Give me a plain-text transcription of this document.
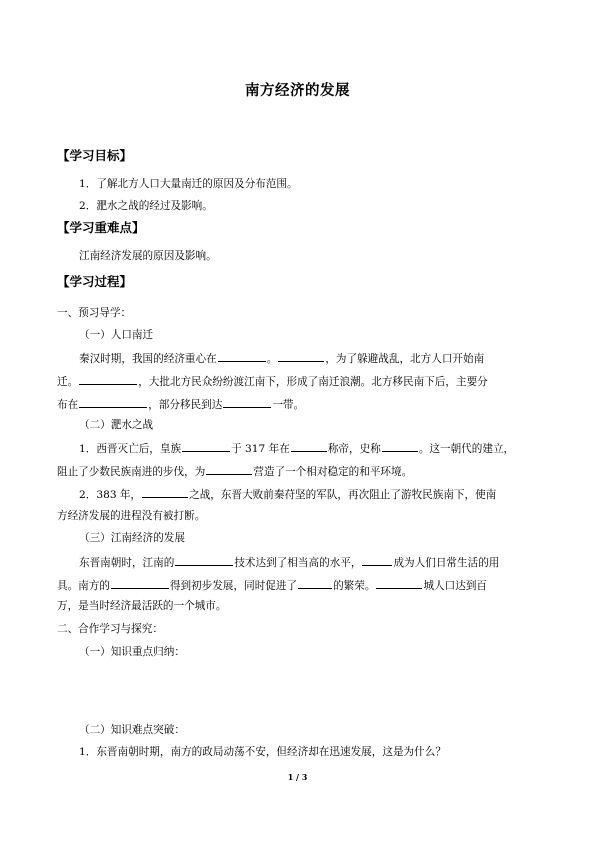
南方经济的发展
【学习目标】
1．了解北方人口大量南迁的原因及分布范围。
2．淝水之战的经过及影响。
【学习重难点】
江南经济发展的原因及影响。
【学习过程】
一、预习导学：
（一）人口南迁
秦汉时期，我国的经济重心在	。	，为了躲避战乱，北方人口开始南
迁。	，大批北方民众纷纷渡江南下，形成了南迁浪潮。北方移民南下后，主要分
布在	，部分移民到达	一带。
（二）淝水之战
1．西晋灭亡后，皇族	于 317 年在	称帝，史称	。这一朝代的建立，
阻止了少数民族南进的步伐，为	营造了一个相对稳定的和平环境。
2．383 年，	之战，东晋大败前秦苻坚的军队，再次阻止了游牧民族南下，使南
方经济发展的进程没有被打断。
（三）江南经济的发展
东晋南朝时，江南的	技术达到了相当高的水平，	成为人们日常生活的用
具。南方的	得到初步发展，同时促进了	的繁荣。	城人口达到百
万，是当时经济最活跃的一个城市。
二、合作学习与探究：
（一）知识重点归纳：
（二）知识难点突破：
1．东晋南朝时期，南方的政局动荡不安，但经济却在迅速发展，这是为什么？
1 / 3
